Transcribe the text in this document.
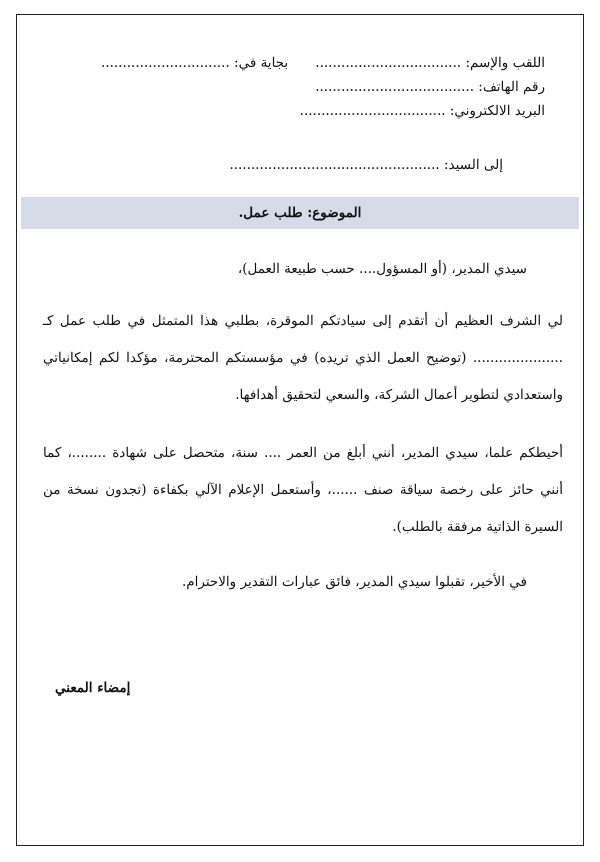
اللقب والإسم: ..................................
بجاية في: ..............................
رقم الهاتف: .....................................
البريد الالكتروني: ..................................
إلى السيد: .................................................
الموضوع: طلب عمل.
سيدي المدير، (أو المسؤول.... حسب طبيعة العمل)،

لي الشرف العظيم أن أتقدم إلى سيادتكم الموقرة، بطلبي هذا المتمثل في طلب عمل كـ ..................... (توضيح العمل الذي تريده) في مؤسستكم المحترمة، مؤكدا لكم إمكانياتي واستعدادي لتطوير أعمال الشركة، والسعي لتحقيق أهدافها.

أحيطكم علما، سيدي المدير، أنني أبلغ من العمر .... سنة، متحصل على شهادة ........، كما أنني حائز على رخصة سياقة صنف ......، وأستعمل الإعلام الآلي بكفاءة (تجدون نسخة من السيرة الذاتية مرفقة بالطلب).

في الأخير، تقبلوا سيدي المدير، فائق عبارات التقدير والاحترام.
إمضاء المعني
